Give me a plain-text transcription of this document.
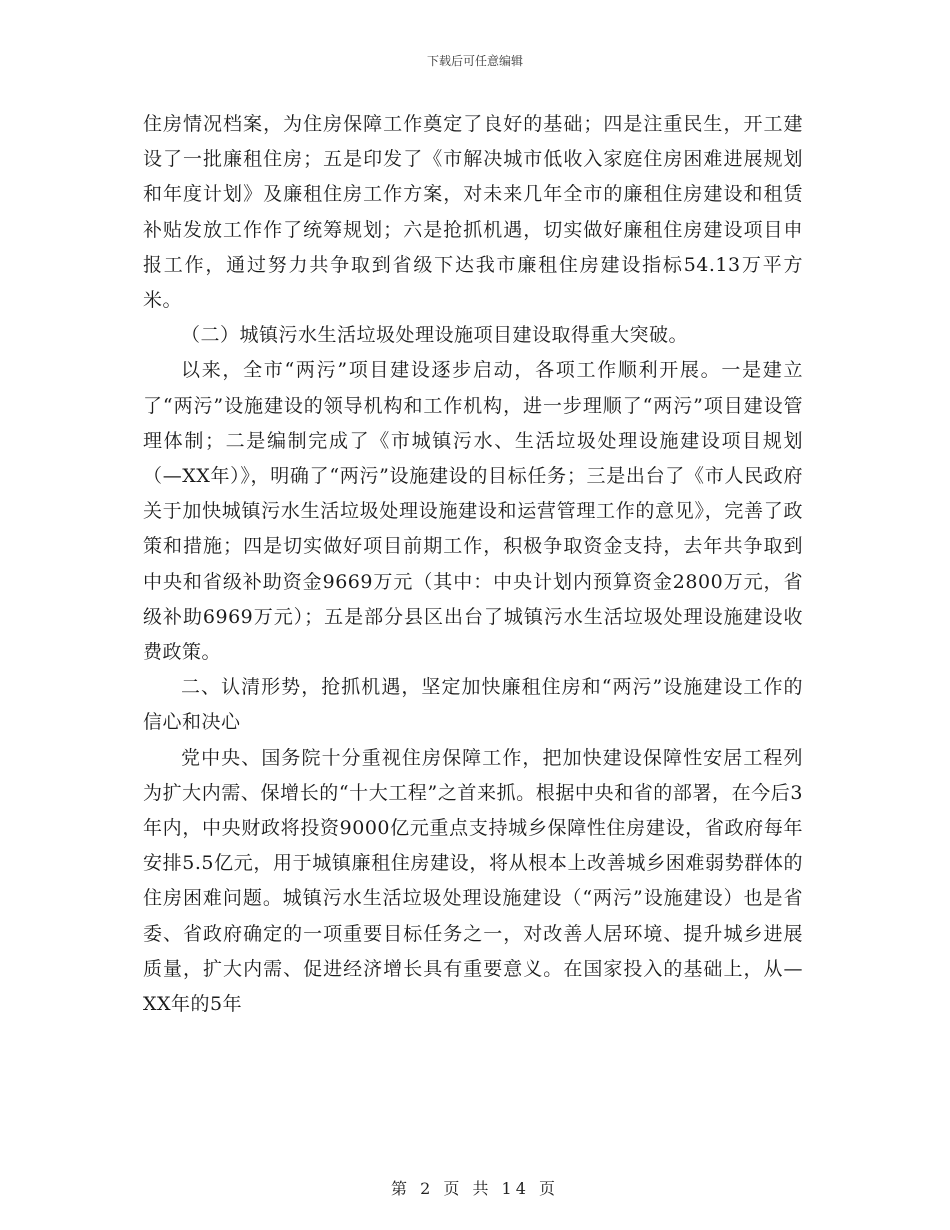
下载后可任意编辑

住房情况档案，为住房保障工作奠定了良好的基础；四是注重民生，开工建设了一批廉租住房；五是印发了《市解决城市低收入家庭住房困难进展规划和年度计划》及廉租住房工作方案，对未来几年全市的廉租住房建设和租赁补贴发放工作作了统筹规划；六是抢抓机遇，切实做好廉租住房建设项目申报工作，通过努力共争取到省级下达我市廉租住房建设指标54.13万平方米。

（二）城镇污水生活垃圾处理设施项目建设取得重大突破。

以来，全市“两污”项目建设逐步启动，各项工作顺利开展。一是建立了“两污”设施建设的领导机构和工作机构，进一步理顺了“两污”项目建设管理体制；二是编制完成了《市城镇污水、生活垃圾处理设施建设项目规划（—XX年）》，明确了“两污”设施建设的目标任务；三是出台了《市人民政府关于加快城镇污水生活垃圾处理设施建设和运营管理工作的意见》，完善了政策和措施；四是切实做好项目前期工作，积极争取资金支持，去年共争取到中央和省级补助资金9669万元（其中：中央计划内预算资金2800万元，省级补助6969万元）；五是部分县区出台了城镇污水生活垃圾处理设施建设收费政策。

二、认清形势，抢抓机遇，坚定加快廉租住房和“两污”设施建设工作的信心和决心

党中央、国务院十分重视住房保障工作，把加快建设保障性安居工程列为扩大内需、保增长的“十大工程”之首来抓。根据中央和省的部署，在今后3年内，中央财政将投资9000亿元重点支持城乡保障性住房建设，省政府每年安排5.5亿元，用于城镇廉租住房建设，将从根本上改善城乡困难弱势群体的住房困难问题。城镇污水生活垃圾处理设施建设（“两污”设施建设）也是省委、省政府确定的一项重要目标任务之一，对改善人居环境、提升城乡进展质量，扩大内需、促进经济增长具有重要意义。在国家投入的基础上，从—XX年的5年

第 2 页 共 14 页
